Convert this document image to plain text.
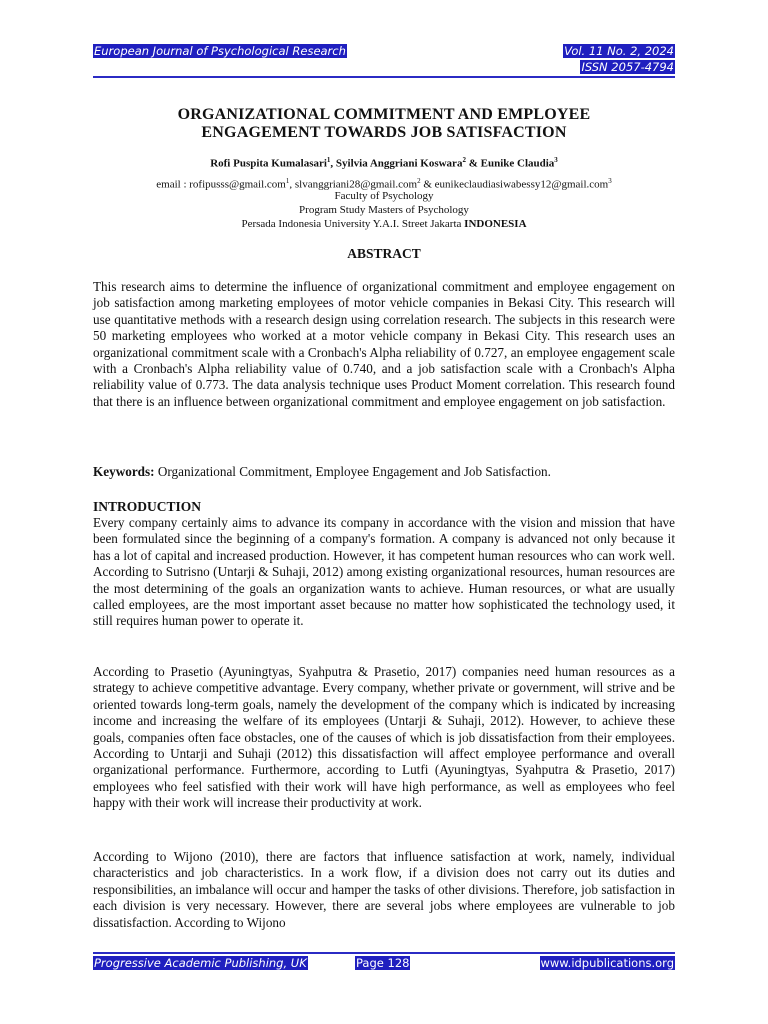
European Journal of Psychological Research	Vol. 11 No. 2, 2024
ISSN 2057-4794
ORGANIZATIONAL COMMITMENT AND EMPLOYEE
ENGAGEMENT TOWARDS JOB SATISFACTION
Rofi Puspita Kumalasari$^1$, Syilvia Anggriani Koswara$^2$ & Eunike Claudia$^3$
email : rofipusss@gmail.com$^1$, slvanggriani28@gmail.com$^2$ & eunikeclaudiasiwabessy12@gmail.com$^3$
Faculty of Psychology
Program Study Masters of Psychology
Persada Indonesia University Y.A.I. Street Jakarta INDONESIA
ABSTRACT
This research aims to determine the influence of organizational commitment and employee engagement on job satisfaction among marketing employees of motor vehicle companies in Bekasi City. This research will use quantitative methods with a research design using correlation research. The subjects in this research were 50 marketing employees who worked at a motor vehicle company in Bekasi City. This research uses an organizational commitment scale with a Cronbach's Alpha reliability of 0.727, an employee engagement scale with a Cronbach's Alpha reliability value of 0.740, and a job satisfaction scale with a Cronbach's Alpha reliability value of 0.773. The data analysis technique uses Product Moment correlation. This research found that there is an influence between organizational commitment and employee engagement on job satisfaction.
Keywords: Organizational Commitment, Employee Engagement and Job Satisfaction.
INTRODUCTION
Every company certainly aims to advance its company in accordance with the vision and mission that have been formulated since the beginning of a company's formation. A company is advanced not only because it has a lot of capital and increased production. However, it has competent human resources who can work well. According to Sutrisno (Untarji & Suhaji, 2012) among existing organizational resources, human resources are the most determining of the goals an organization wants to achieve. Human resources, or what are usually called employees, are the most important asset because no matter how sophisticated the technology used, it still requires human power to operate it.
According to Prasetio (Ayuningtyas, Syahputra & Prasetio, 2017) companies need human resources as a strategy to achieve competitive advantage. Every company, whether private or government, will strive and be oriented towards long-term goals, namely the development of the company which is indicated by increasing income and increasing the welfare of its employees (Untarji & Suhaji, 2012). However, to achieve these goals, companies often face obstacles, one of the causes of which is job dissatisfaction from their employees. According to Untarji and Suhaji (2012) this dissatisfaction will affect employee performance and overall organizational performance. Furthermore, according to Lutfi (Ayuningtyas, Syahputra & Prasetio, 2017) employees who feel satisfied with their work will have high performance, as well as employees who feel happy with their work will increase their productivity at work.
According to Wijono (2010), there are factors that influence satisfaction at work, namely, individual characteristics and job characteristics. In a work flow, if a division does not carry out its duties and responsibilities, an imbalance will occur and hamper the tasks of other divisions. Therefore, job satisfaction in each division is very necessary. However, there are several jobs where employees are vulnerable to job dissatisfaction. According to Wijono
Progressive Academic Publishing, UK	Page 128	www.idpublications.org
